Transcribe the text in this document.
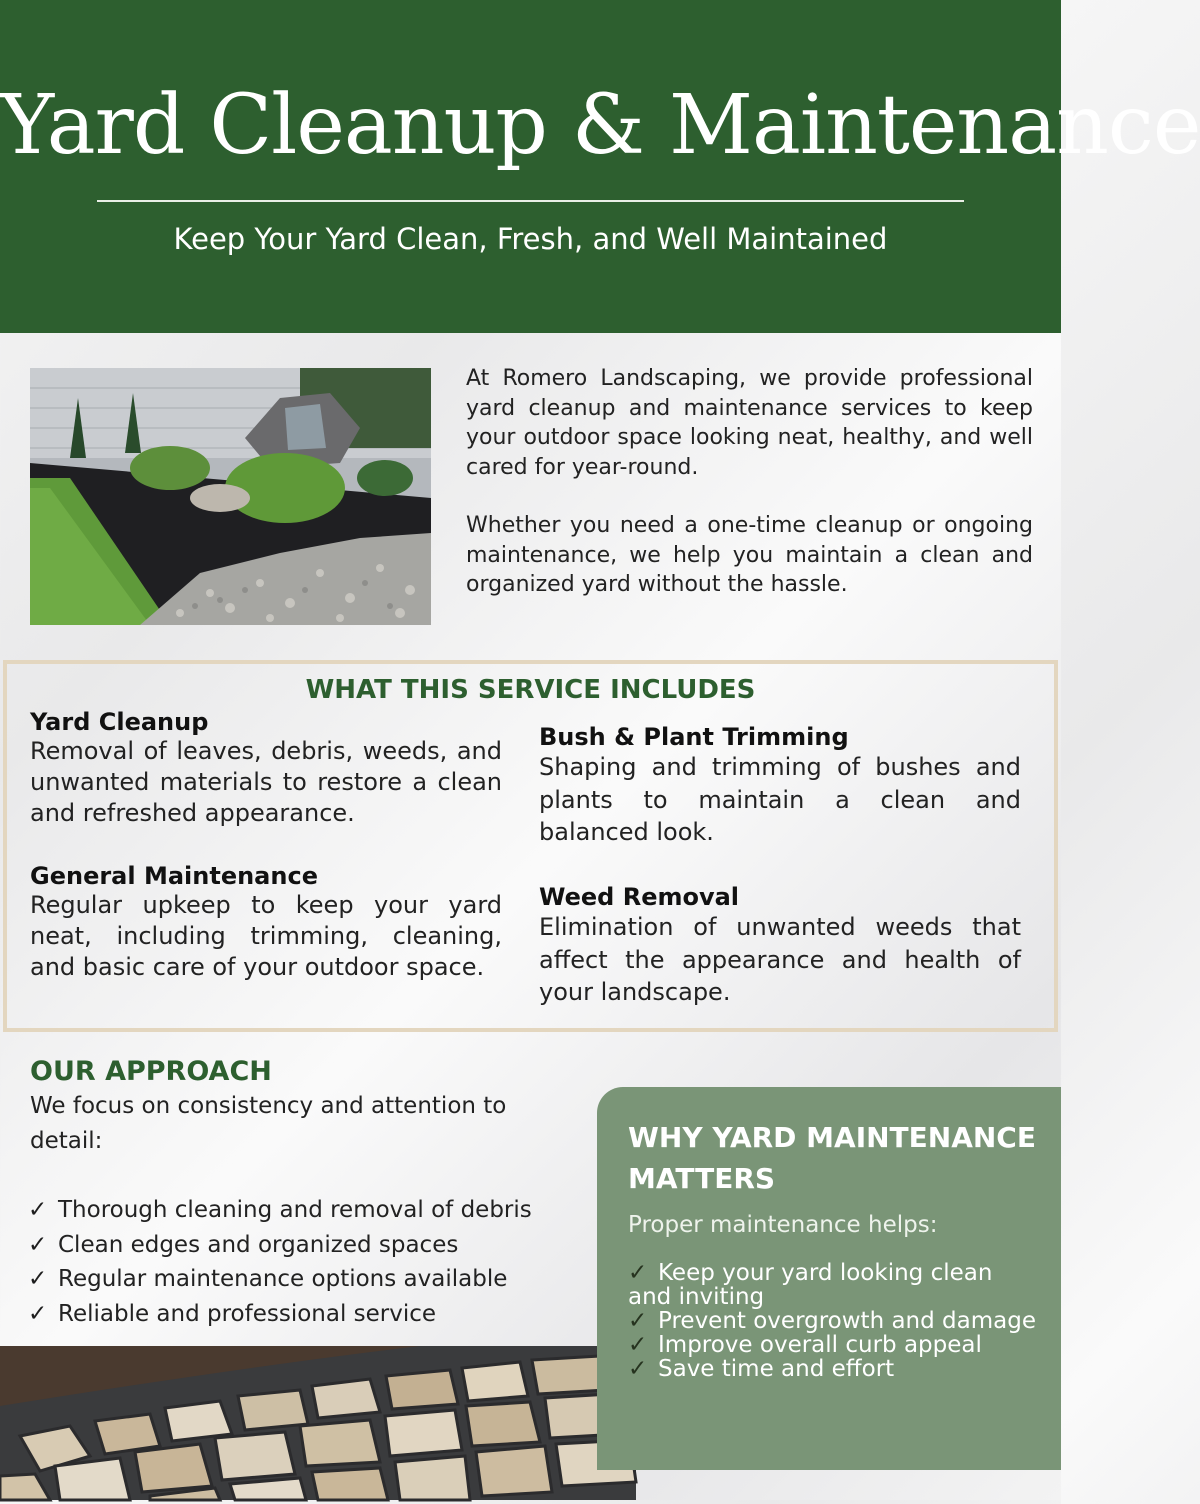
Yard Cleanup & Maintenance
Keep Your Yard Clean, Fresh, and Well Maintained

At Romero Landscaping, we provide professional yard cleanup and maintenance services to keep your outdoor space looking neat, healthy, and well cared for year-round.

Whether you need a one-time cleanup or ongoing maintenance, we help you maintain a clean and organized yard without the hassle.

WHAT THIS SERVICE INCLUDES
Yard Cleanup

Removal of leaves, debris, weeds, and unwanted materials to restore a clean and refreshed appearance.

Bush & Plant Trimming

Shaping and trimming of bushes and plants to maintain a clean and balanced look.

General Maintenance

Regular upkeep to keep your yard neat, including trimming, cleaning, and basic care of your outdoor space.

Weed Removal

Elimination of unwanted weeds that affect the appearance and health of your landscape.

OUR APPROACH

We focus on consistency and attention to detail:

✓ Thorough cleaning and removal of debris
✓ Clean edges and organized spaces
✓ Regular maintenance options available
✓ Reliable and professional service
WHY YARD MAINTENANCE MATTERS

Proper maintenance helps:

✓ Keep your yard looking clean and inviting
✓ Prevent overgrowth and damage
✓ Improve overall curb appeal
✓ Save time and effort
